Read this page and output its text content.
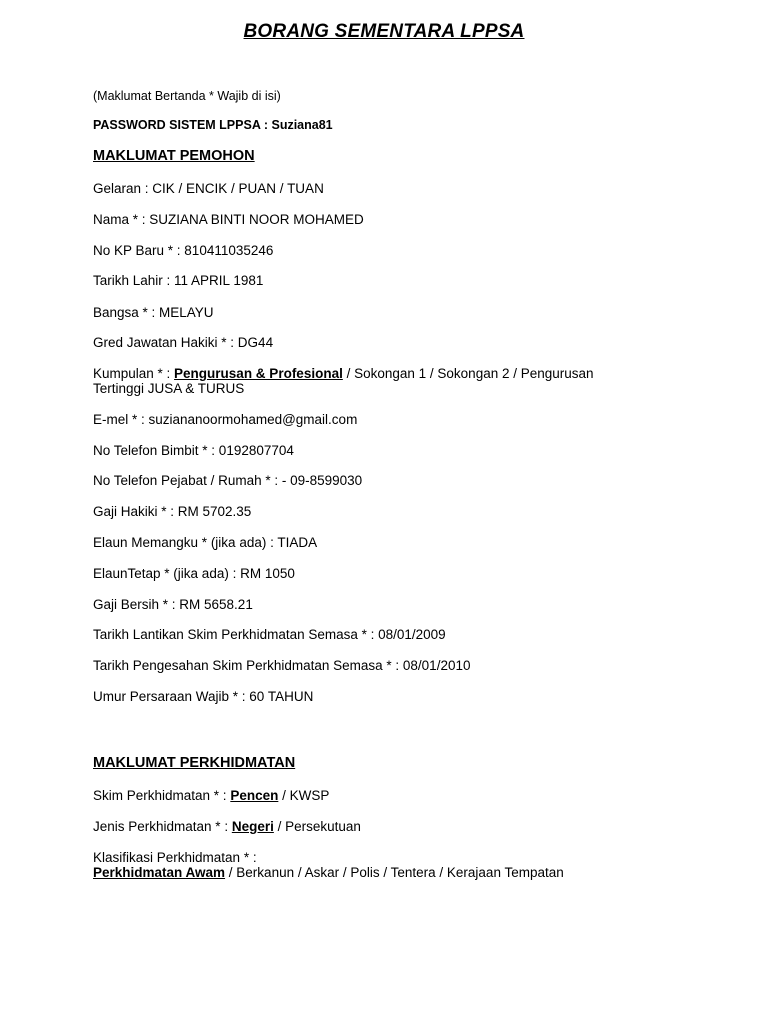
BORANG SEMENTARA LPPSA
(Maklumat Bertanda * Wajib di isi)
PASSWORD SISTEM LPPSA : Suziana81
MAKLUMAT PEMOHON
Gelaran : CIK / ENCIK / PUAN / TUAN
Nama * : SUZIANA BINTI NOOR MOHAMED
No KP Baru * : 810411035246
Tarikh Lahir : 11 APRIL 1981
Bangsa * : MELAYU
Gred Jawatan Hakiki * : DG44
Kumpulan * : Pengurusan & Profesional / Sokongan 1 / Sokongan 2 / Pengurusan
Tertinggi JUSA & TURUS
E-mel * : suziananoormohamed@gmail.com
No Telefon Bimbit * : 0192807704
No Telefon Pejabat / Rumah * : - 09-8599030
Gaji Hakiki * : RM 5702.35
Elaun Memangku * (jika ada) : TIADA
ElaunTetap * (jika ada) : RM 1050
Gaji Bersih * : RM 5658.21
Tarikh Lantikan Skim Perkhidmatan Semasa * : 08/01/2009
Tarikh Pengesahan Skim Perkhidmatan Semasa * : 08/01/2010
Umur Persaraan Wajib * : 60 TAHUN
MAKLUMAT PERKHIDMATAN
Skim Perkhidmatan * : Pencen / KWSP
Jenis Perkhidmatan * : Negeri / Persekutuan
Klasifikasi Perkhidmatan * :
Perkhidmatan Awam / Berkanun / Askar / Polis / Tentera / Kerajaan Tempatan
